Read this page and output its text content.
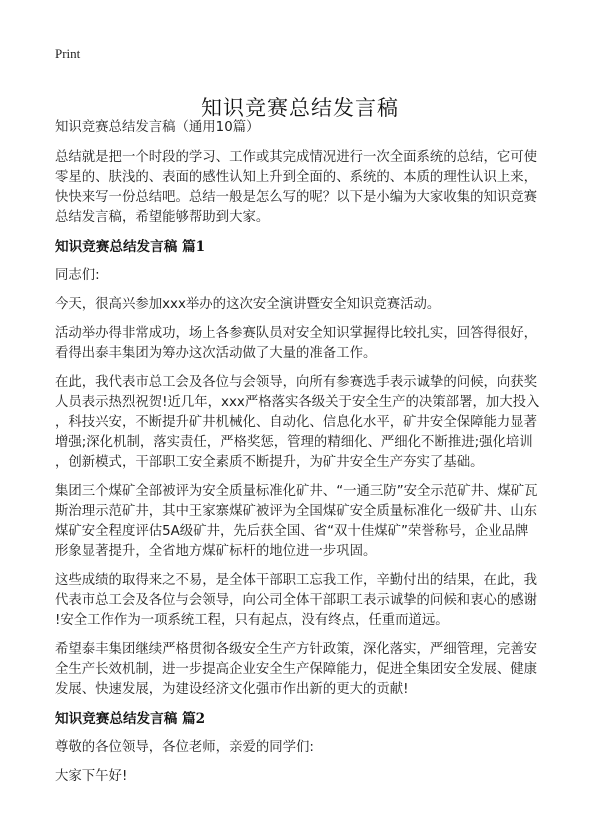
Print
知识竞赛总结发言稿

知识竞赛总结发言稿（通用10篇）

总结就是把一个时段的学习、工作或其完成情况进行一次全面系统的总结，它可使
零星的、肤浅的、表面的感性认知上升到全面的、系统的、本质的理性认识上来，
快快来写一份总结吧。总结一般是怎么写的呢？以下是小编为大家收集的知识竞赛
总结发言稿，希望能够帮助到大家。

知识竞赛总结发言稿 篇1

同志们:

今天，很高兴参加xxx举办的这次安全演讲暨安全知识竞赛活动。

活动举办得非常成功，场上各参赛队员对安全知识掌握得比较扎实，回答得很好，
看得出泰丰集团为筹办这次活动做了大量的准备工作。

在此，我代表市总工会及各位与会领导，向所有参赛选手表示诚挚的问候，向获奖
人员表示热烈祝贺!近几年，xxx严格落实各级关于安全生产的决策部署，加大投入
，科技兴安，不断提升矿井机械化、自动化、信息化水平，矿井安全保障能力显著
增强;深化机制，落实责任，严格奖惩，管理的精细化、严细化不断推进;强化培训
，创新模式，干部职工安全素质不断提升，为矿井安全生产夯实了基础。

集团三个煤矿全部被评为安全质量标准化矿井、“一通三防”安全示范矿井、煤矿瓦
斯治理示范矿井，其中王家寨煤矿被评为全国煤矿安全质量标准化一级矿井、山东
煤矿安全程度评估5A级矿井，先后获全国、省“双十佳煤矿”荣誉称号，企业品牌
形象显著提升，全省地方煤矿标杆的地位进一步巩固。

这些成绩的取得来之不易，是全体干部职工忘我工作，辛勤付出的结果，在此，我
代表市总工会及各位与会领导，向公司全体干部职工表示诚挚的问候和衷心的感谢
!安全工作作为一项系统工程，只有起点，没有终点，任重而道远。

希望泰丰集团继续严格贯彻各级安全生产方针政策，深化落实，严细管理，完善安
全生产长效机制，进一步提高企业安全生产保障能力，促进全集团安全发展、健康
发展、快速发展，为建设经济文化强市作出新的更大的贡献!

知识竞赛总结发言稿 篇2

尊敬的各位领导，各位老师，亲爱的同学们:

大家下午好!
